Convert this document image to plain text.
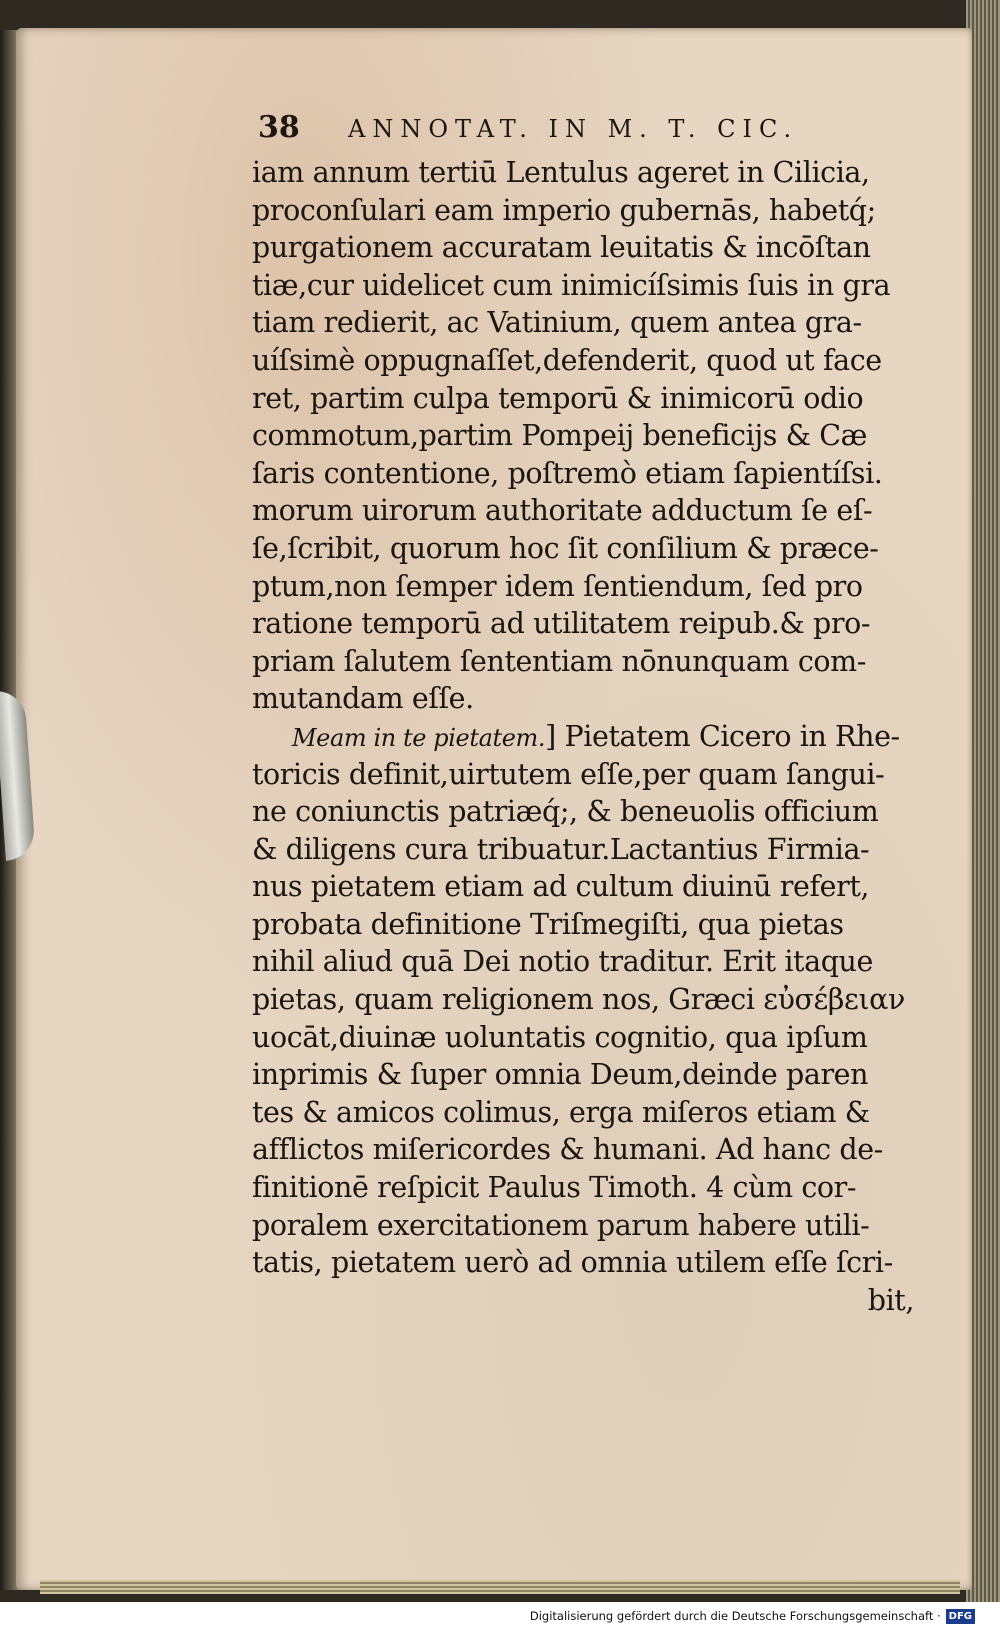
38	ANNOTAT. IN M. T. CIC.
iam annum tertiū Lentulus ageret in Cilicia,
proconſulari eam imperio gubernās, habetq́;
purgationem accuratam leuitatis & incōſtan
tiæ,cur uidelicet cum inimicíſsimis ſuis in gra
tiam redierit, ac Vatinium, quem antea gra-
uíſsimè oppugnaſſet,defenderit, quod ut face
ret, partim culpa temporū & inimicorū odio
commotum,partim Pompeij beneficijs & Cæ
ſaris contentione, poſtremò etiam ſapientíſsi.
morum uirorum authoritate adductum ſe eſ-
ſe,ſcribit, quorum hoc ſit conſilium & præce-
ptum,non ſemper idem ſentiendum, ſed pro
ratione temporū ad utilitatem reipub.& pro-
priam ſalutem ſententiam nōnunquam com-
mutandam eſſe.
Meam in te pietatem.] Pietatem Cicero in Rhe-
toricis definit,uirtutem eſſe,per quam ſangui-
ne coniunctis patriæq́;, & beneuolis officium
& diligens cura tribuatur.Lactantius Firmia-
nus pietatem etiam ad cultum diuinū refert,
probata definitione Triſmegiſti, qua pietas
nihil aliud quā Dei notio traditur. Erit itaque
pietas, quam religionem nos, Græci εὐσέβειαν
uocāt,diuinæ uoluntatis cognitio, qua ipſum
inprimis & ſuper omnia Deum,deinde paren
tes & amicos colimus, erga miſeros etiam &
afflictos miſericordes & humani. Ad hanc de-
finitionē reſpicit Paulus Timoth. 4 cùm cor-
poralem exercitationem parum habere utili-
tatis, pietatem uerò ad omnia utilem eſſe ſcri-
bit,
Digitalisierung gefördert durch die Deutsche Forschungsgemeinschaft · DFG
